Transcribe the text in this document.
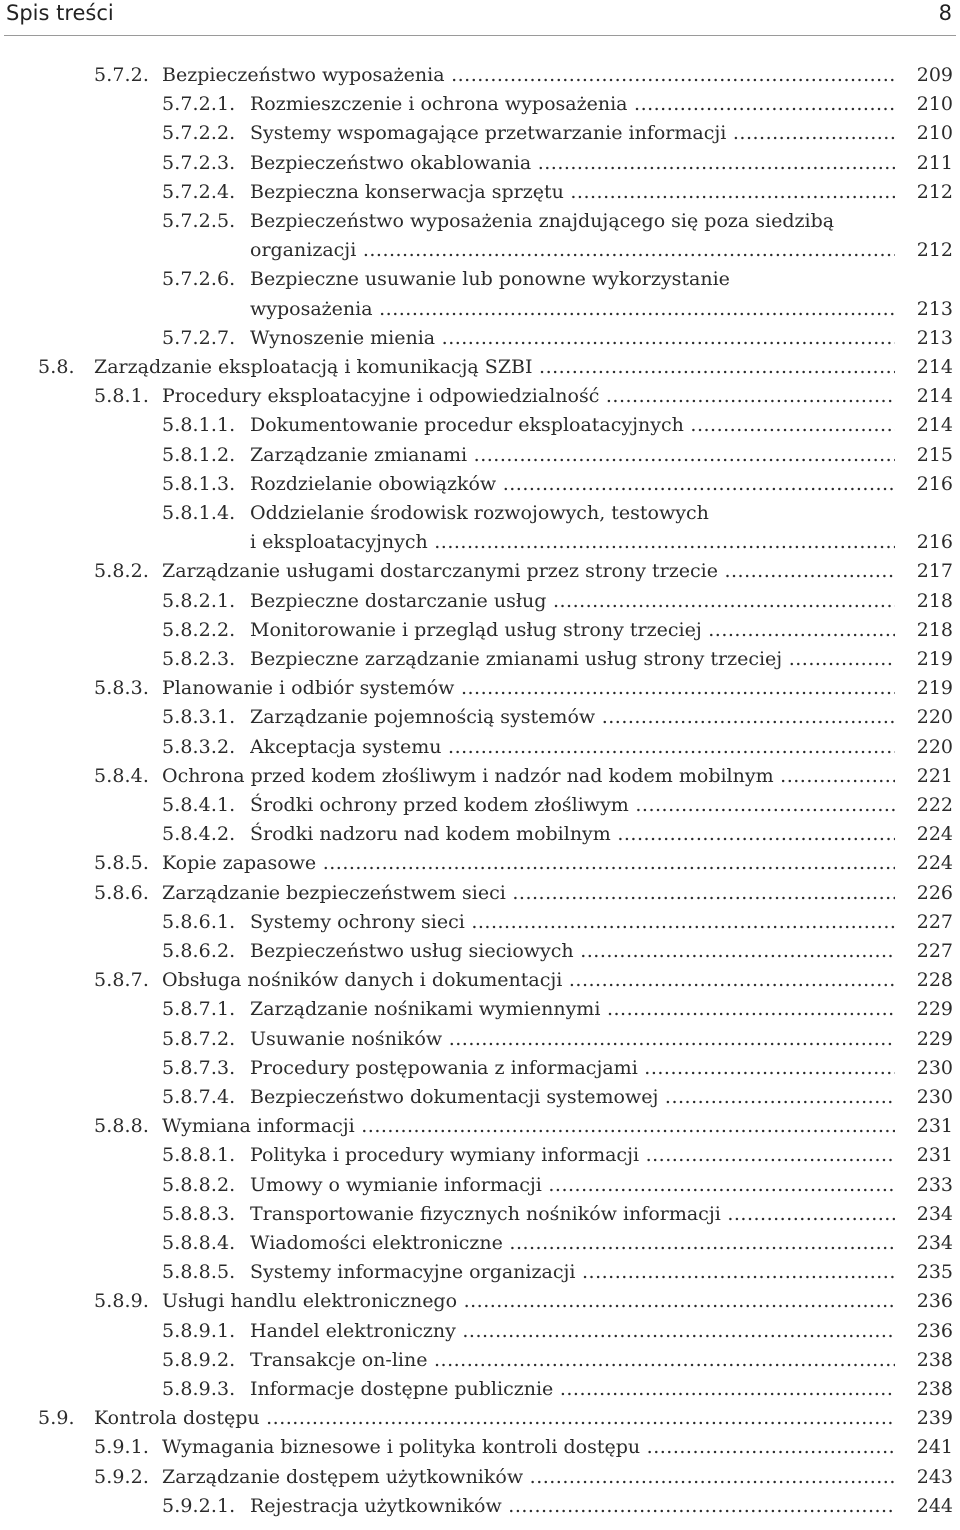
Spis treści	8
5.7.2. Bezpieczeństwo wyposażenia .....	209
5.7.2.1. Rozmieszczenie i ochrona wyposażenia .....	210
5.7.2.2. Systemy wspomagające przetwarzanie informacji .....	210
5.7.2.3. Bezpieczeństwo okablowania .....	211
5.7.2.4. Bezpieczna konserwacja sprzętu .....	212
5.7.2.5. Bezpieczeństwo wyposażenia znajdującego się poza siedzibą
organizacji .....	212
5.7.2.6. Bezpieczne usuwanie lub ponowne wykorzystanie
wyposażenia .....	213
5.7.2.7. Wynoszenie mienia .....	213
5.8. Zarządzanie eksploatacją i komunikacją SZBI .....	214
5.8.1. Procedury eksploatacyjne i odpowiedzialność .....	214
5.8.1.1. Dokumentowanie procedur eksploatacyjnych .....	214
5.8.1.2. Zarządzanie zmianami .....	215
5.8.1.3. Rozdzielanie obowiązków .....	216
5.8.1.4. Oddzielanie środowisk rozwojowych, testowych
i eksploatacyjnych .....	216
5.8.2. Zarządzanie usługami dostarczanymi przez strony trzecie .....	217
5.8.2.1. Bezpieczne dostarczanie usług .....	218
5.8.2.2. Monitorowanie i przegląd usług strony trzeciej .....	218
5.8.2.3. Bezpieczne zarządzanie zmianami usług strony trzeciej .....	219
5.8.3. Planowanie i odbiór systemów .....	219
5.8.3.1. Zarządzanie pojemnością systemów .....	220
5.8.3.2. Akceptacja systemu .....	220
5.8.4. Ochrona przed kodem złośliwym i nadzór nad kodem mobilnym .....	221
5.8.4.1. Środki ochrony przed kodem złośliwym .....	222
5.8.4.2. Środki nadzoru nad kodem mobilnym .....	224
5.8.5. Kopie zapasowe .....	224
5.8.6. Zarządzanie bezpieczeństwem sieci .....	226
5.8.6.1. Systemy ochrony sieci .....	227
5.8.6.2. Bezpieczeństwo usług sieciowych .....	227
5.8.7. Obsługa nośników danych i dokumentacji .....	228
5.8.7.1. Zarządzanie nośnikami wymiennymi .....	229
5.8.7.2. Usuwanie nośników .....	229
5.8.7.3. Procedury postępowania z informacjami .....	230
5.8.7.4. Bezpieczeństwo dokumentacji systemowej .....	230
5.8.8. Wymiana informacji .....	231
5.8.8.1. Polityka i procedury wymiany informacji .....	231
5.8.8.2. Umowy o wymianie informacji .....	233
5.8.8.3. Transportowanie fizycznych nośników informacji .....	234
5.8.8.4. Wiadomości elektroniczne .....	234
5.8.8.5. Systemy informacyjne organizacji .....	235
5.8.9. Usługi handlu elektronicznego .....	236
5.8.9.1. Handel elektroniczny .....	236
5.8.9.2. Transakcje on-line .....	238
5.8.9.3. Informacje dostępne publicznie .....	238
5.9. Kontrola dostępu .....	239
5.9.1. Wymagania biznesowe i polityka kontroli dostępu .....	241
5.9.2. Zarządzanie dostępem użytkowników .....	243
5.9.2.1. Rejestracja użytkowników .....	244
